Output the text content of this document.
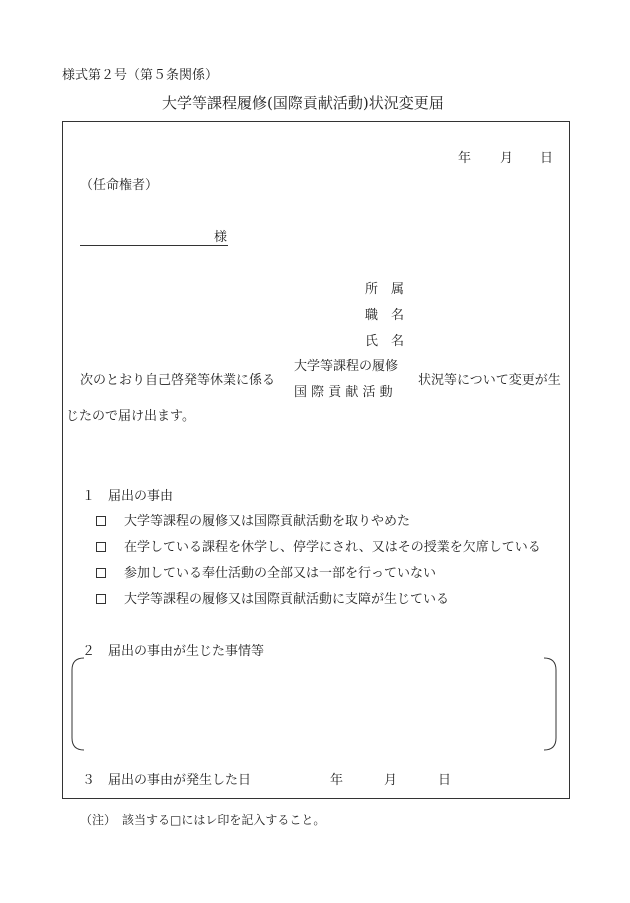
様式第２号（第５条関係）
大学等課程履修(国際貢献活動)状況変更届
年 月 日
（任命権者）
様
所　属
職　名
氏　名
次のとおり自己啓発等休業に係る
大学等課程の履修
国 際 貢 献 活 動
状況等について変更が生
じたので届け出ます。
１　届出の事由
大学等課程の履修又は国際貢献活動を取りやめた
在学している課程を休学し、停学にされ、又はその授業を欠席している
参加している奉仕活動の全部又は一部を行っていない
大学等課程の履修又は国際貢献活動に支障が生じている
２　届出の事由が生じた事情等
３　届出の事由が発生した日	年	月	日
（注）　該当する□にはレ印を記入すること。
